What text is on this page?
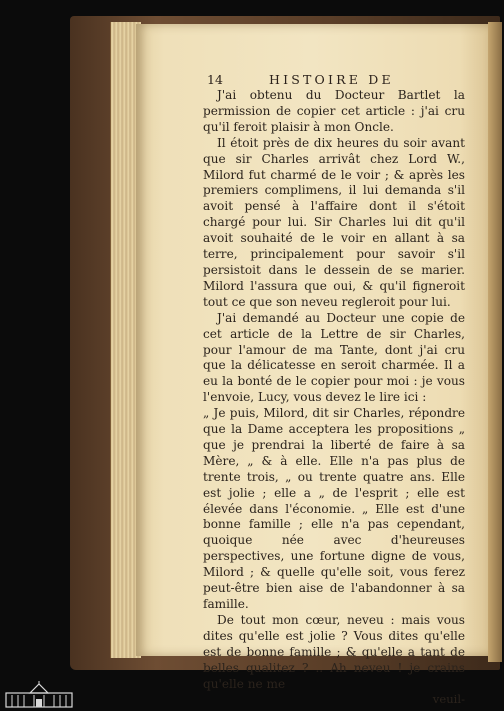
14	HISTOIRE DE

J'ai obtenu du Docteur Bartlet la permission de copier cet article : j'ai cru qu'il feroit plaisir à mon Oncle.

Il étoit près de dix heures du soir avant que sir Charles arrivât chez Lord W., Milord fut charmé de le voir ; & après les premiers complimens, il lui demanda s'il avoit pensé à l'affaire dont il s'étoit chargé pour lui. Sir Charles lui dit qu'il avoit souhaité de le voir en allant à sa terre, principalement pour savoir s'il persistoit dans le dessein de se marier. Milord l'assura que oui, & qu'il figneroit tout ce que son neveu regleroit pour lui.

J'ai demandé au Docteur une copie de cet article de la Lettre de sir Charles, pour l'amour de ma Tante, dont j'ai cru que la délicatesse en seroit charmée. Il a eu la bonté de le copier pour moi : je vous l'envoie, Lucy, vous devez le lire ici :

„ Je puis, Milord, dit sir Charles, répondre que la Dame acceptera les propositions „ que je prendrai la liberté de faire à sa Mère, „ & à elle. Elle n'a pas plus de trente trois, „ ou trente quatre ans. Elle est jolie ; elle a „ de l'esprit ; elle est élevée dans l'économie. „ Elle est d'une bonne famille ; elle n'a pas cependant, quoique née avec d'heureuses perspectives, une fortune digne de vous, Milord ; & quelle qu'elle soit, vous ferez peut-être bien aise de l'abandonner à sa famille.

De tout mon cœur, neveu : mais vous dites qu'elle est jolie ? Vous dites qu'elle est de bonne famille ; & qu'elle a tant de belles qualitez ? .. Ah neveu ! je crains qu'elle ne me

veuil-
